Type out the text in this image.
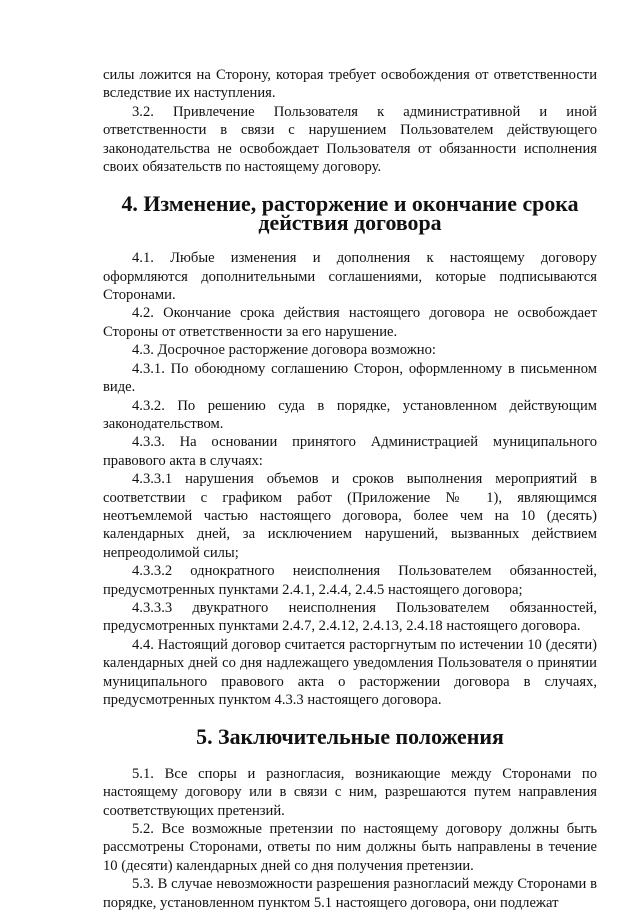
силы ложится на Сторону, которая требует освобождения от ответственности вследствие их наступления.

3.2. Привлечение Пользователя к административной и иной ответственности в связи с нарушением Пользователем действующего законодательства не освобождает Пользователя от обязанности исполнения своих обязательств по настоящему договору.

4. Изменение, расторжение и окончание срока действия договора

4.1. Любые изменения и дополнения к настоящему договору оформляются дополнительными соглашениями, которые подписываются Сторонами.

4.2. Окончание срока действия настоящего договора не освобождает Стороны от ответственности за его нарушение.

4.3. Досрочное расторжение договора возможно:

4.3.1. По обоюдному соглашению Сторон, оформленному в письменном виде.

4.3.2. По решению суда в порядке, установленном действующим законодательством.

4.3.3. На основании принятого Администрацией муниципального правового акта в случаях:

4.3.3.1 нарушения объемов и сроков выполнения мероприятий в соответствии с графиком работ (Приложение № 1), являющимся неотъемлемой частью настоящего договора, более чем на 10 (десять) календарных дней, за исключением нарушений, вызванных действием непреодолимой силы;

4.3.3.2 однократного неисполнения Пользователем обязанностей, предусмотренных пунктами 2.4.1, 2.4.4, 2.4.5 настоящего договора;

4.3.3.3 двукратного неисполнения Пользователем обязанностей, предусмотренных пунктами 2.4.7, 2.4.12, 2.4.13, 2.4.18 настоящего договора.

4.4. Настоящий договор считается расторгнутым по истечении 10 (десяти) календарных дней со дня надлежащего уведомления Пользователя о принятии муниципального правового акта о расторжении договора в случаях, предусмотренных пунктом 4.3.3 настоящего договора.

5. Заключительные положения

5.1. Все споры и разногласия, возникающие между Сторонами по настоящему договору или в связи с ним, разрешаются путем направления соответствующих претензий.

5.2. Все возможные претензии по настоящему договору должны быть рассмотрены Сторонами, ответы по ним должны быть направлены в течение 10 (десяти) календарных дней со дня получения претензии.

5.3. В случае невозможности разрешения разногласий между Сторонами в порядке, установленном пунктом 5.1 настоящего договора, они подлежат
